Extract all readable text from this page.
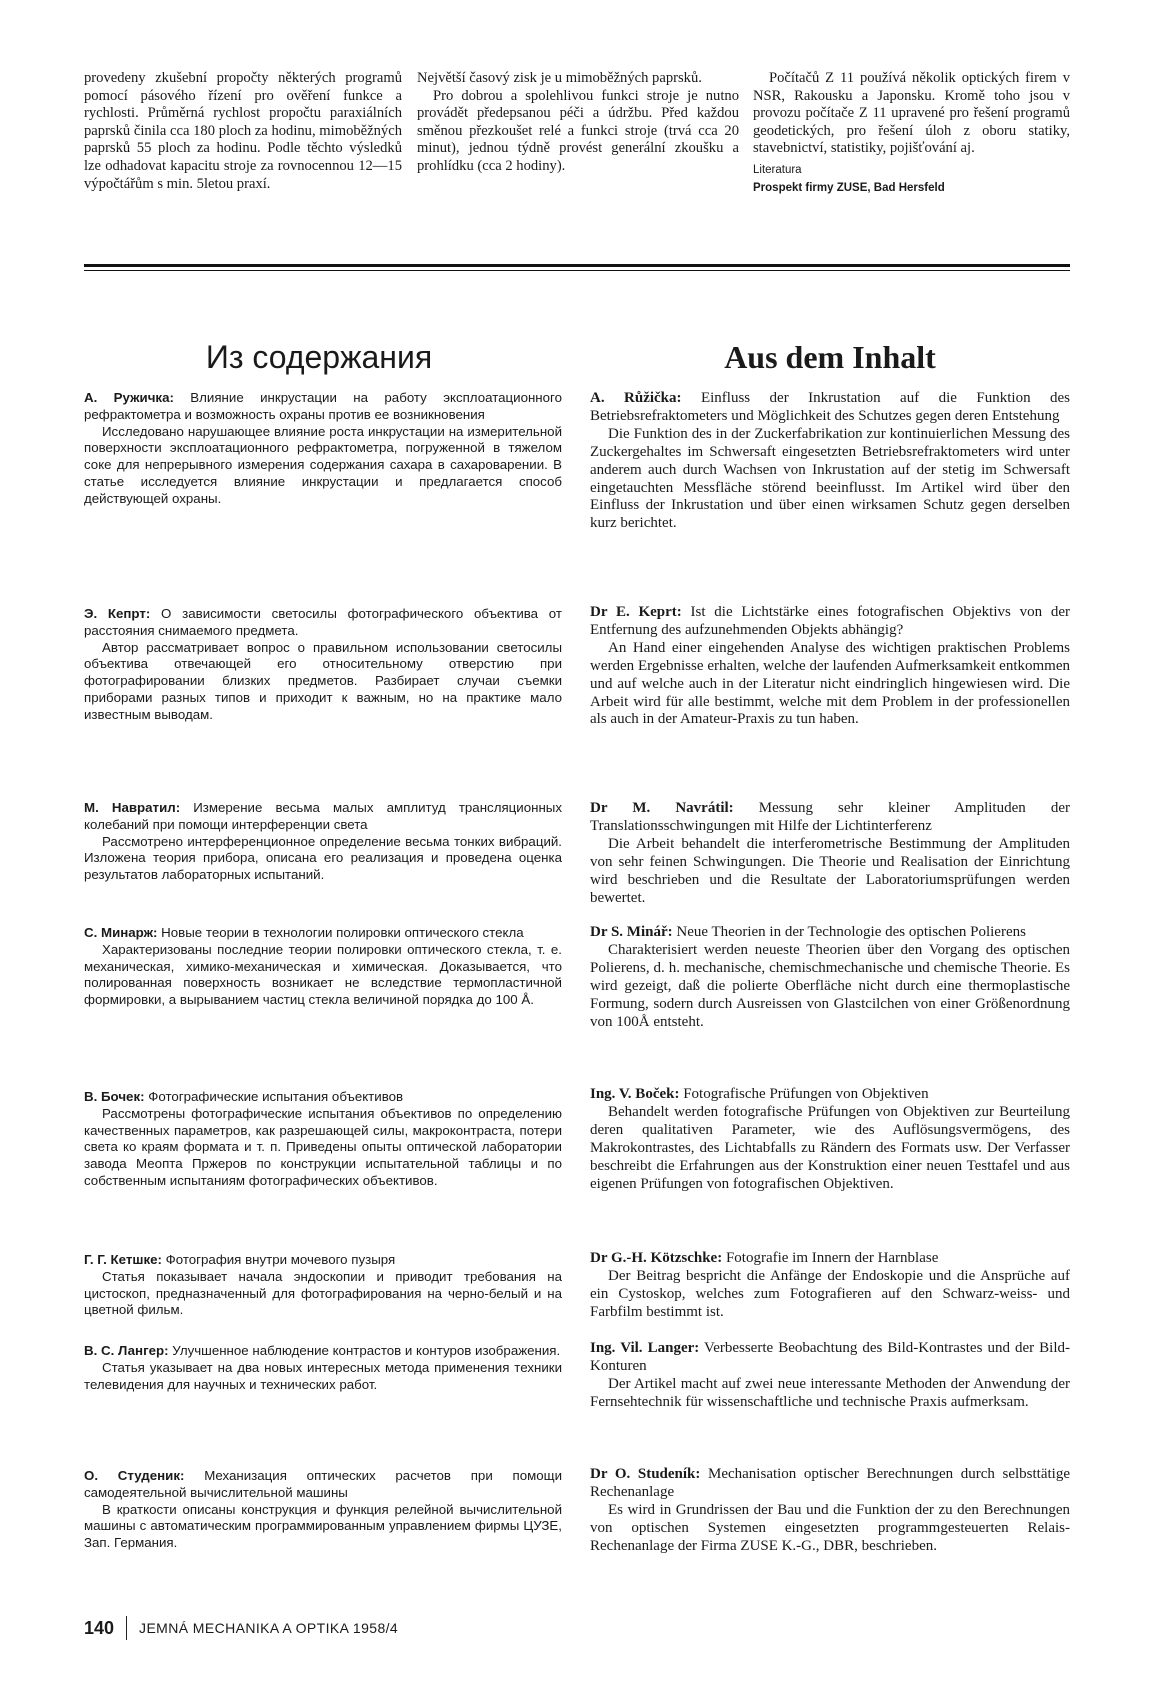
provedeny zkušební propočty některých programů pomocí pásového řízení pro ověření funkce a rychlosti. Průměrná rychlost propočtu paraxiálních paprsků činila cca 180 ploch za hodinu, mimoběžných paprsků 55 ploch za hodinu. Podle těchto výsledků lze odhadovat kapacitu stroje za rovnocennou 12—15 výpočtářům s min. 5letou praxí.

Největší časový zisk je u mimoběžných paprsků.

Pro dobrou a spolehlivou funkci stroje je nutno provádět předepsanou péči a údržbu. Před každou směnou přezkoušet relé a funkci stroje (trvá cca 20 minut), jednou týdně provést generální zkoušku a prohlídku (cca 2 hodiny).

Počítačů Z 11 používá několik optických firem v NSR, Rakousku a Japonsku. Kromě toho jsou v provozu počítače Z 11 upravené pro řešení programů geodetických, pro řešení úloh z oboru statiky, stavebnictví, statistiky, pojišťování aj.

Literatura

Prospekt firmy ZUSE, Bad Hersfeld

Из содержания	Aus dem Inhalt

А. Ружичка: Влияние инкрустации на работу эксплоатационного рефрактометра и возможность охраны против ее возникновения

Исследовано нарушающее влияние роста инкрустации на измерительной поверхности эксплоатационного рефрактометра, погруженной в тяжелом соке для непрерывного измерения содержания сахара в сахароварении. В статье исследуется влияние инкрустации и предлагается способ действующей охраны.

Э. Кепрт: О зависимости светосилы фотографического объектива от расстояния снимаемого предмета.

Автор рассматривает вопрос о правильном использовании светосилы объектива отвечающей его относительному отверстию при фотографировании близких предметов. Разбирает случаи съемки приборами разных типов и приходит к важным, но на практике мало известным выводам.

М. Навратил: Измерение весьма малых амплитуд трансляционных колебаний при помощи интерференции света

Рассмотрено интерференционное определение весьма тонких вибраций. Изложена теория прибора, описана его реализация и проведена оценка результатов лабораторных испытаний.

С. Минарж: Новые теории в технологии полировки оптического стекла

Характеризованы последние теории полировки оптического стекла, т. е. механическая, химико-механическая и химическая. Доказывается, что полированная поверхность возникает не вследствие термопластичной формировки, а вырыванием частиц стекла величиной порядка до 100 Å.

В. Бочек: Фотографические испытания объективов

Рассмотрены фотографические испытания объективов по определению качественных параметров, как разрешающей силы, макроконтраста, потери света ко краям формата и т. п. Приведены опыты оптической лаборатории завода Меопта Пржеров по конструкции испытательной таблицы и по собственным испытаниям фотографических объективов.

Г. Г. Кетшке: Фотография внутри мочевого пузыря

Статья показывает начала эндоскопии и приводит требования на цистоскоп, предназначенный для фотографирования на черно-белый и на цветной фильм.

В. С. Лангер: Улучшенное наблюдение контрастов и контуров изображения.

Статья указывает на два новых интересных метода применения техники телевидения для научных и технических работ.

О. Студеник: Механизация оптических расчетов при помощи самодеятельной вычислительной машины

В краткости описаны конструкция и функция релейной вычислительной машины с автоматическим программированным управлением фирмы ЦУЗЕ, Зап. Германия.

A. Růžička: Einfluss der Inkrustation auf die Funktion des Betriebsrefraktometers und Möglichkeit des Schutzes gegen deren Entstehung

Die Funktion des in der Zuckerfabrikation zur kontinuierlichen Messung des Zuckergehaltes im Schwersaft eingesetzten Betriebsrefraktometers wird unter anderem auch durch Wachsen von Inkrustation auf der stetig im Schwersaft eingetauchten Messfläche störend beeinflusst. Im Artikel wird über den Einfluss der Inkrustation und über einen wirksamen Schutz gegen derselben kurz berichtet.

Dr E. Keprt: Ist die Lichtstärke eines fotografischen Objektivs von der Entfernung des aufzunehmenden Objekts abhängig?

An Hand einer eingehenden Analyse des wichtigen praktischen Problems werden Ergebnisse erhalten, welche der laufenden Aufmerksamkeit entkommen und auf welche auch in der Literatur nicht eindringlich hingewiesen wird. Die Arbeit wird für alle bestimmt, welche mit dem Problem in der professionellen als auch in der Amateur-Praxis zu tun haben.

Dr M. Navrátil: Messung sehr kleiner Amplituden der Translationsschwingungen mit Hilfe der Lichtinterferenz

Die Arbeit behandelt die interferometrische Bestimmung der Amplituden von sehr feinen Schwingungen. Die Theorie und Realisation der Einrichtung wird beschrieben und die Resultate der Laboratoriumsprüfungen werden bewertet.

Dr S. Minář: Neue Theorien in der Technologie des optischen Polierens

Charakterisiert werden neueste Theorien über den Vorgang des optischen Polierens, d. h. mechanische, chemischmechanische und chemische Theorie. Es wird gezeigt, daß die polierte Oberfläche nicht durch eine thermoplastische Formung, sodern durch Ausreissen von Glastcilchen von einer Größenordnung von 100Å entsteht.

Ing. V. Boček: Fotografische Prüfungen von Objektiven

Behandelt werden fotografische Prüfungen von Objektiven zur Beurteilung deren qualitativen Parameter, wie des Auflösungsvermögens, des Makrokontrastes, des Lichtabfalls zu Rändern des Formats usw. Der Verfasser beschreibt die Erfahrungen aus der Konstruktion einer neuen Testtafel und aus eigenen Prüfungen von fotografischen Objektiven.

Dr G.-H. Kötzschke: Fotografie im Innern der Harnblase

Der Beitrag bespricht die Anfänge der Endoskopie und die Ansprüche auf ein Cystoskop, welches zum Fotografieren auf den Schwarz-weiss- und Farbfilm bestimmt ist.

Ing. Vil. Langer: Verbesserte Beobachtung des Bild-Kontrastes und der Bild-Konturen

Der Artikel macht auf zwei neue interessante Methoden der Anwendung der Fernsehtechnik für wissenschaftliche und technische Praxis aufmerksam.

Dr O. Studeník: Mechanisation optischer Berechnungen durch selbsttätige Rechenanlage

Es wird in Grundrissen der Bau und die Funktion der zu den Berechnungen von optischen Systemen eingesetzten programmgesteuerten Relais-Rechenanlage der Firma ZUSE K.-G., DBR, beschrieben.

140 JEMNÁ MECHANIKA A OPTIKA 1958/4
